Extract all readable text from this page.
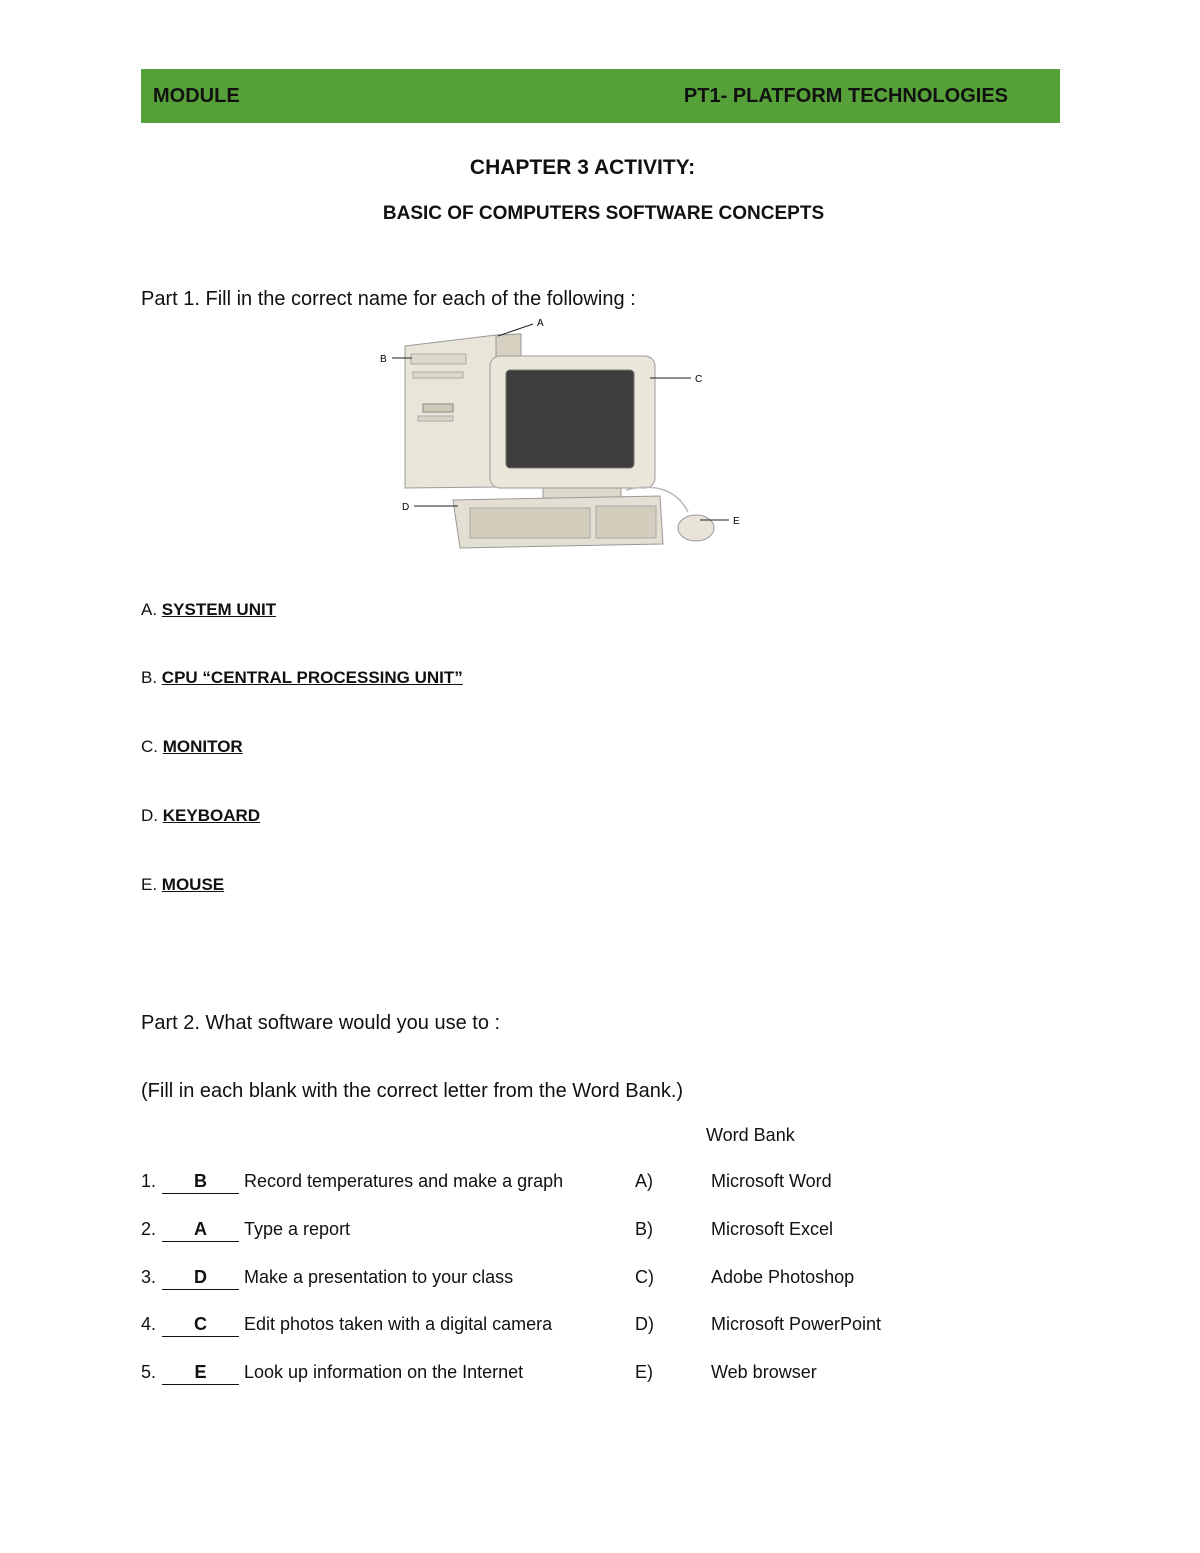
MODULE	PT1- PLATFORM TECHNOLOGIES
CHAPTER 3 ACTIVITY:
BASIC OF COMPUTERS SOFTWARE CONCEPTS
Part 1. Fill in the correct name for each of the following :
A
B
C
D
E
A. SYSTEM UNIT
B. CPU “CENTRAL PROCESSING UNIT”
C. MONITOR
D. KEYBOARD
E. MOUSE
Part 2. What software would you use to :
(Fill in each blank with the correct letter from the Word Bank.)
Word Bank
1.	B	Record temperatures and make a graph	A)	Microsoft Word
2.	A	Type a report	B)	Microsoft Excel
3.	D	Make a presentation to your class	C)	Adobe Photoshop
4.	C	Edit photos taken with a digital camera	D)	Microsoft PowerPoint
5.	E	Look up information on the Internet	E)	Web browser
